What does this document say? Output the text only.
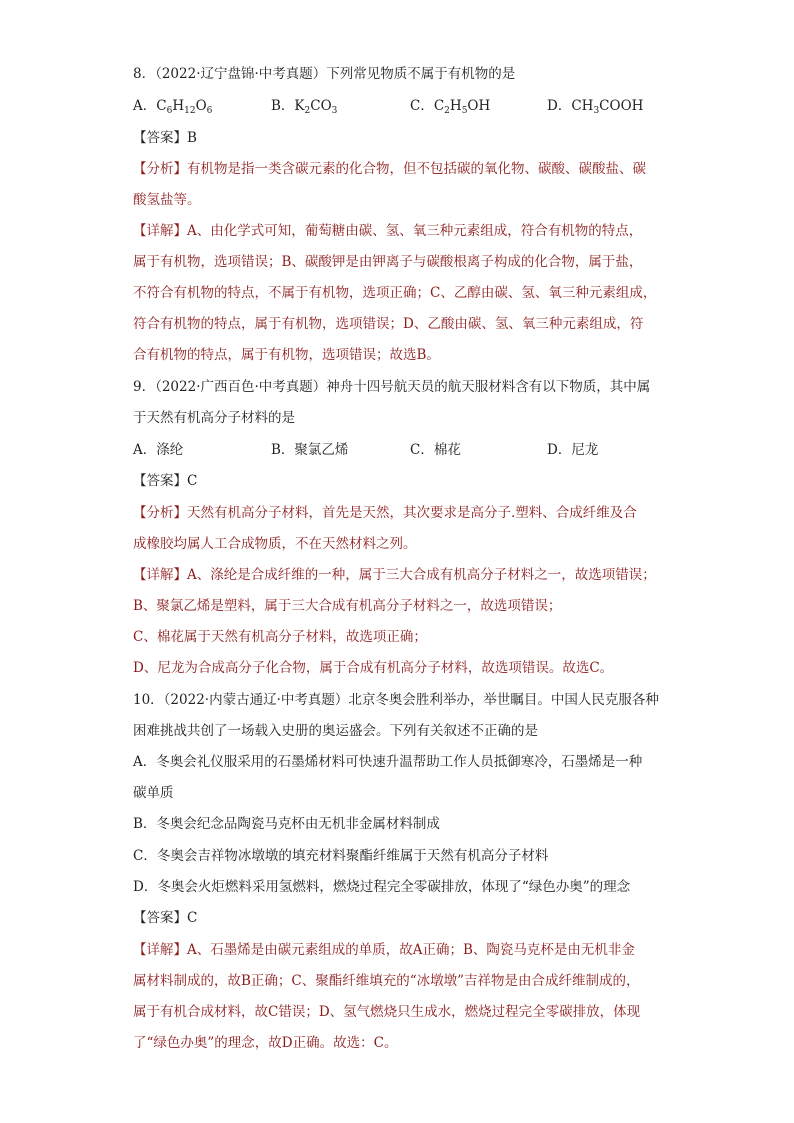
8．（2022·辽宁盘锦·中考真题）下列常见物质不属于有机物的是
A．$C_6H_{12}O_6$	B．$K_2CO_3$	C．$C_2H_5OH$	D．$CH_3COOH$
【答案】B
【分析】有机物是指一类含碳元素的化合物，但不包括碳的氧化物、碳酸、碳酸盐、碳
酸氢盐等。
【详解】A、由化学式可知，葡萄糖由碳、氢、氧三种元素组成，符合有机物的特点，
属于有机物，选项错误；B、碳酸钾是由钾离子与碳酸根离子构成的化合物，属于盐，
不符合有机物的特点，不属于有机物，选项正确；C、乙醇由碳、氢、氧三种元素组成，
符合有机物的特点，属于有机物，选项错误；D、乙酸由碳、氢、氧三种元素组成，符
合有机物的特点，属于有机物，选项错误；故选B。
9．（2022·广西百色·中考真题）神舟十四号航天员的航天服材料含有以下物质，其中属
于天然有机高分子材料的是
A．涤纶	B．聚氯乙烯	C．棉花	D．尼龙
【答案】C
【分析】天然有机高分子材料，首先是天然，其次要求是高分子.塑料、合成纤维及合
成橡胶均属人工合成物质，不在天然材料之列。
【详解】A、涤纶是合成纤维的一种，属于三大合成有机高分子材料之一，故选项错误；
B、聚氯乙烯是塑料，属于三大合成有机高分子材料之一，故选项错误；
C、棉花属于天然有机高分子材料，故选项正确；
D、尼龙为合成高分子化合物，属于合成有机高分子材料，故选项错误。故选C。
10．（2022·内蒙古通辽·中考真题）北京冬奥会胜利举办，举世瞩目。中国人民克服各种
困难挑战共创了一场载入史册的奥运盛会。下列有关叙述不正确的是
A．冬奥会礼仪服采用的石墨烯材料可快速升温帮助工作人员抵御寒冷，石墨烯是一种
碳单质
B．冬奥会纪念品陶瓷马克杯由无机非金属材料制成
C．冬奥会吉祥物冰墩墩的填充材料聚酯纤维属于天然有机高分子材料
D．冬奥会火炬燃料采用氢燃料，燃烧过程完全零碳排放，体现了“绿色办奥”的理念
【答案】C
【详解】A、石墨烯是由碳元素组成的单质，故A正确；B、陶瓷马克杯是由无机非金
属材料制成的，故B正确；C、聚酯纤维填充的“冰墩墩”吉祥物是由合成纤维制成的，
属于有机合成材料，故C错误；D、氢气燃烧只生成水，燃烧过程完全零碳排放，体现
了“绿色办奥”的理念，故D正确。故选：C。
